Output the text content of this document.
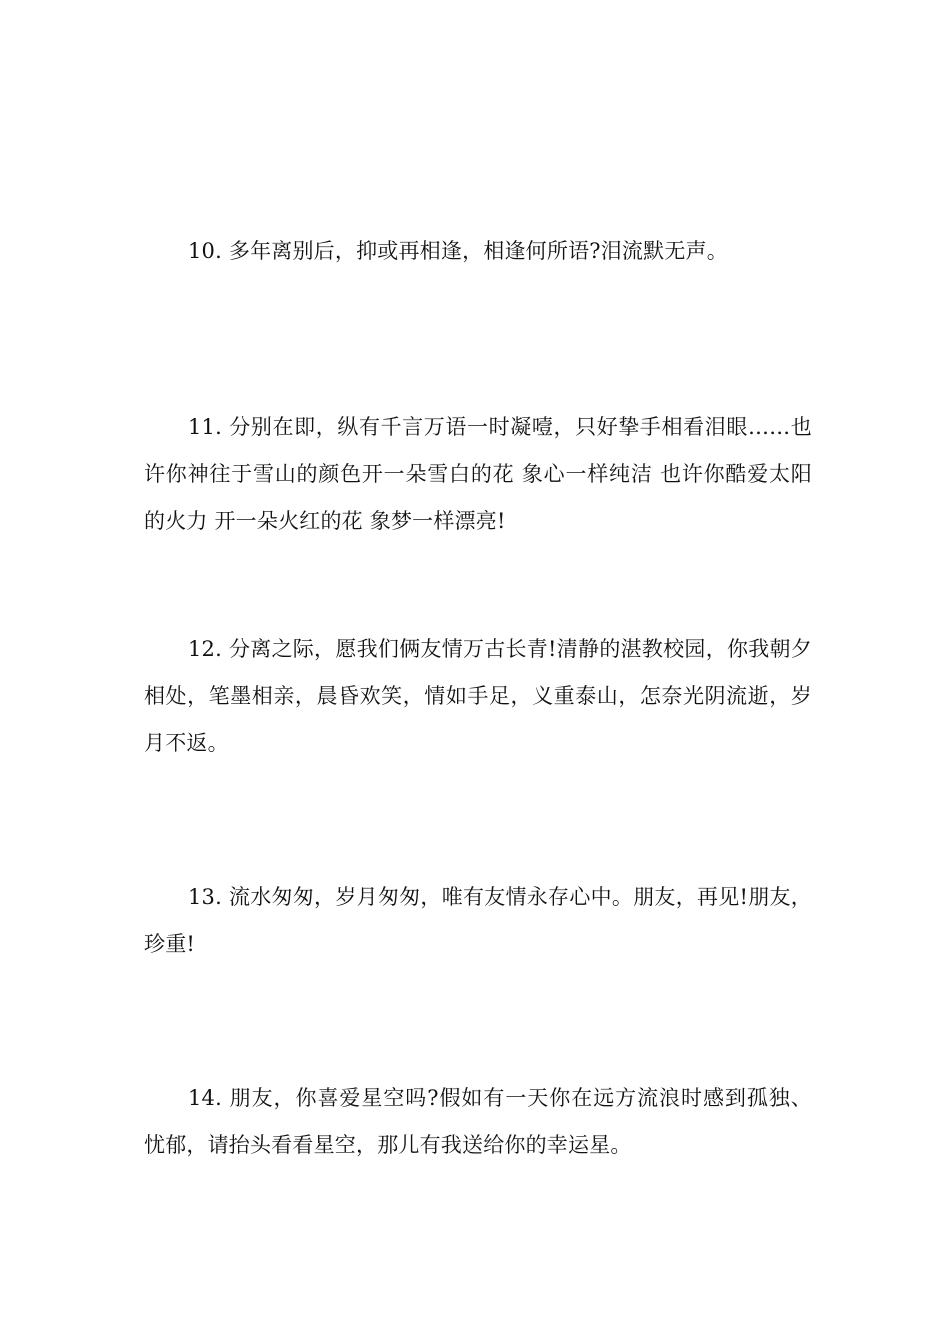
10. 多年离别后，抑或再相逢，相逢何所语?泪流默无声。

11. 分别在即，纵有千言万语一时凝噎，只好挚手相看泪眼……也许你神往于雪山的颜色开一朵雪白的花 象心一样纯洁 也许你酷爱太阳的火力 开一朵火红的花 象梦一样漂亮!

12. 分离之际，愿我们俩友情万古长青!清静的湛教校园，你我朝夕相处，笔墨相亲，晨昏欢笑，情如手足，义重泰山，怎奈光阴流逝，岁月不返。

13. 流水匆匆，岁月匆匆，唯有友情永存心中。朋友，再见!朋友，珍重!

14. 朋友，你喜爱星空吗?假如有一天你在远方流浪时感到孤独、忧郁，请抬头看看星空，那儿有我送给你的幸运星。
